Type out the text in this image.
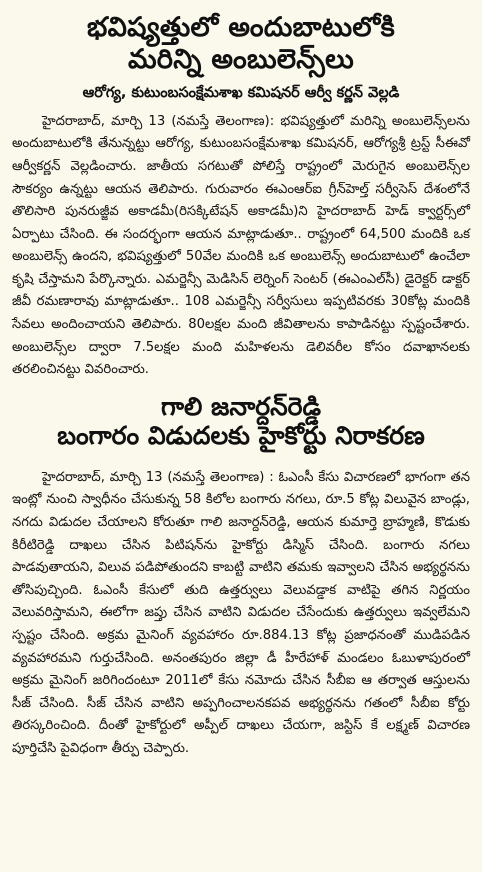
భవిష్యత్తులో అందుబాటులోకి
మరిన్ని అంబులెన్స్‌లు
ఆరోగ్య, కుటుంబసంక్షేమశాఖ కమిషనర్ ఆర్వీ కర్ణన్ వెల్లడి
హైదరాబాద్, మార్చి 13 (నమస్తే తెలంగాణ): భవిష్యత్తులో మరిన్ని అంబులెన్స్‌లను అందుబాటులోకి తేనున్నట్టు ఆరోగ్య, కుటుంబసంక్షేమశాఖ కమిషనర్, ఆరోగ్యశ్రీ ట్రస్ట్ సీఈవో ఆర్వీకర్ణన్ వెల్లడించారు. జాతీయ సగటుతో పోలిస్తే రాష్ట్రంలో మెరుగైన అంబులెన్స్‌ల సౌకర్యం ఉన్నట్టు ఆయన తెలిపారు. గురువారం ఈఎంఆర్‌ఐ గ్రీన్‌హెల్త్ సర్వీసెస్ దేశంలోనే తొలిసారి పునరుజ్జీవ అకాడమీ(రిసక్కిటేషన్ అకాడమీ)ని హైదరాబాద్ హెడ్ క్వార్టర్స్‌లో ఏర్పాటు చేసింది. ఈ సందర్భంగా ఆయన మాట్లాడుతూ.. రాష్ట్రంలో 64,500 మందికి ఒక అంబులెన్స్ ఉందని, భవిష్యత్తులో 50వేల మందికి ఒక అంబులెన్స్ అందుబాటులో ఉంచేలా కృషి చేస్తామని పేర్కొన్నారు. ఎమర్జెన్సీ మెడిసిన్ లెర్నింగ్ సెంటర్ (ఈఎంఎల్‌సీ) డైరెక్టర్ డాక్టర్ జీవీ రమణారావు మాట్లాడుతూ.. 108 ఎమర్జెన్సీ సర్వీసులు ఇప్పటివరకు 30కోట్ల మందికి సేవలు అందించాయని తెలిపారు. 80లక్షల మంది జీవితాలను కాపాడినట్టు స్పష్టంచేశారు. అంబులెన్స్‌ల ద్వారా 7.5లక్షల మంది మహిళలను డెలివరీల కోసం దవాఖానలకు తరలించినట్టు వివరించారు.
గాలి జనార్దన్‌రెడ్డి
బంగారం విడుదలకు హైకోర్టు నిరాకరణ
హైదరాబాద్, మార్చి 13 (నమస్తే తెలంగాణ) : ఓఎంసీ కేసు విచారణలో భాగంగా తన ఇంట్లో నుంచి స్వాధీనం చేసుకున్న 58 కిలోల బంగారు నగలు, రూ.5 కోట్ల విలువైన బాండ్లు, నగదు విడుదల చేయాలని కోరుతూ గాలి జనార్దన్‌రెడ్డి, ఆయన కుమార్తె బ్రాహ్మణి, కొడుకు కిరీటిరెడ్డి దాఖలు చేసిన పిటిషన్‌ను హైకోర్టు డిస్మిస్ చేసింది. బంగారు నగలు పాడవుతాయని, విలువ పడిపోతుందని కాబట్టి వాటిని తమకు ఇవ్వాలని చేసిన అభ్యర్థనను తోసిపుచ్చింది. ఓఎంసీ కేసులో తుది ఉత్తర్వులు వెలువడ్డాక వాటిపై తగిన నిర్ణయం వెలువరిస్తామని, ఈలోగా జప్తు చేసిన వాటిని విడుదల చేసేందుకు ఉత్తర్వులు ఇవ్వలేమని స్పష్టం చేసింది. అక్రమ మైనింగ్ వ్యవహారం రూ.884.13 కోట్ల ప్రజాధనంతో ముడిపడిన వ్యవహారమని గుర్తుచేసింది. అనంతపురం జిల్లా డీ హీరేహాళ్ మండలం ఓబుళాపురంలో అక్రమ మైనింగ్ జరిగిందంటూ 2011లో కేసు నమోదు చేసిన సీబీఐ ఆ తర్వాత ఆస్తులను సీజ్ చేసింది. సీజ్ చేసిన వాటిని అప్పగించాలనకపవ అభ్యర్థనను గతంలో సీబీఐ కోర్టు తిరస్కరించింది. దీంతో హైకోర్టులో అప్పీల్ దాఖలు చేయగా, జస్టిస్ కే లక్ష్మణ్ విచారణ పూర్తిచేసి పైవిధంగా తీర్పు చెప్పారు.
